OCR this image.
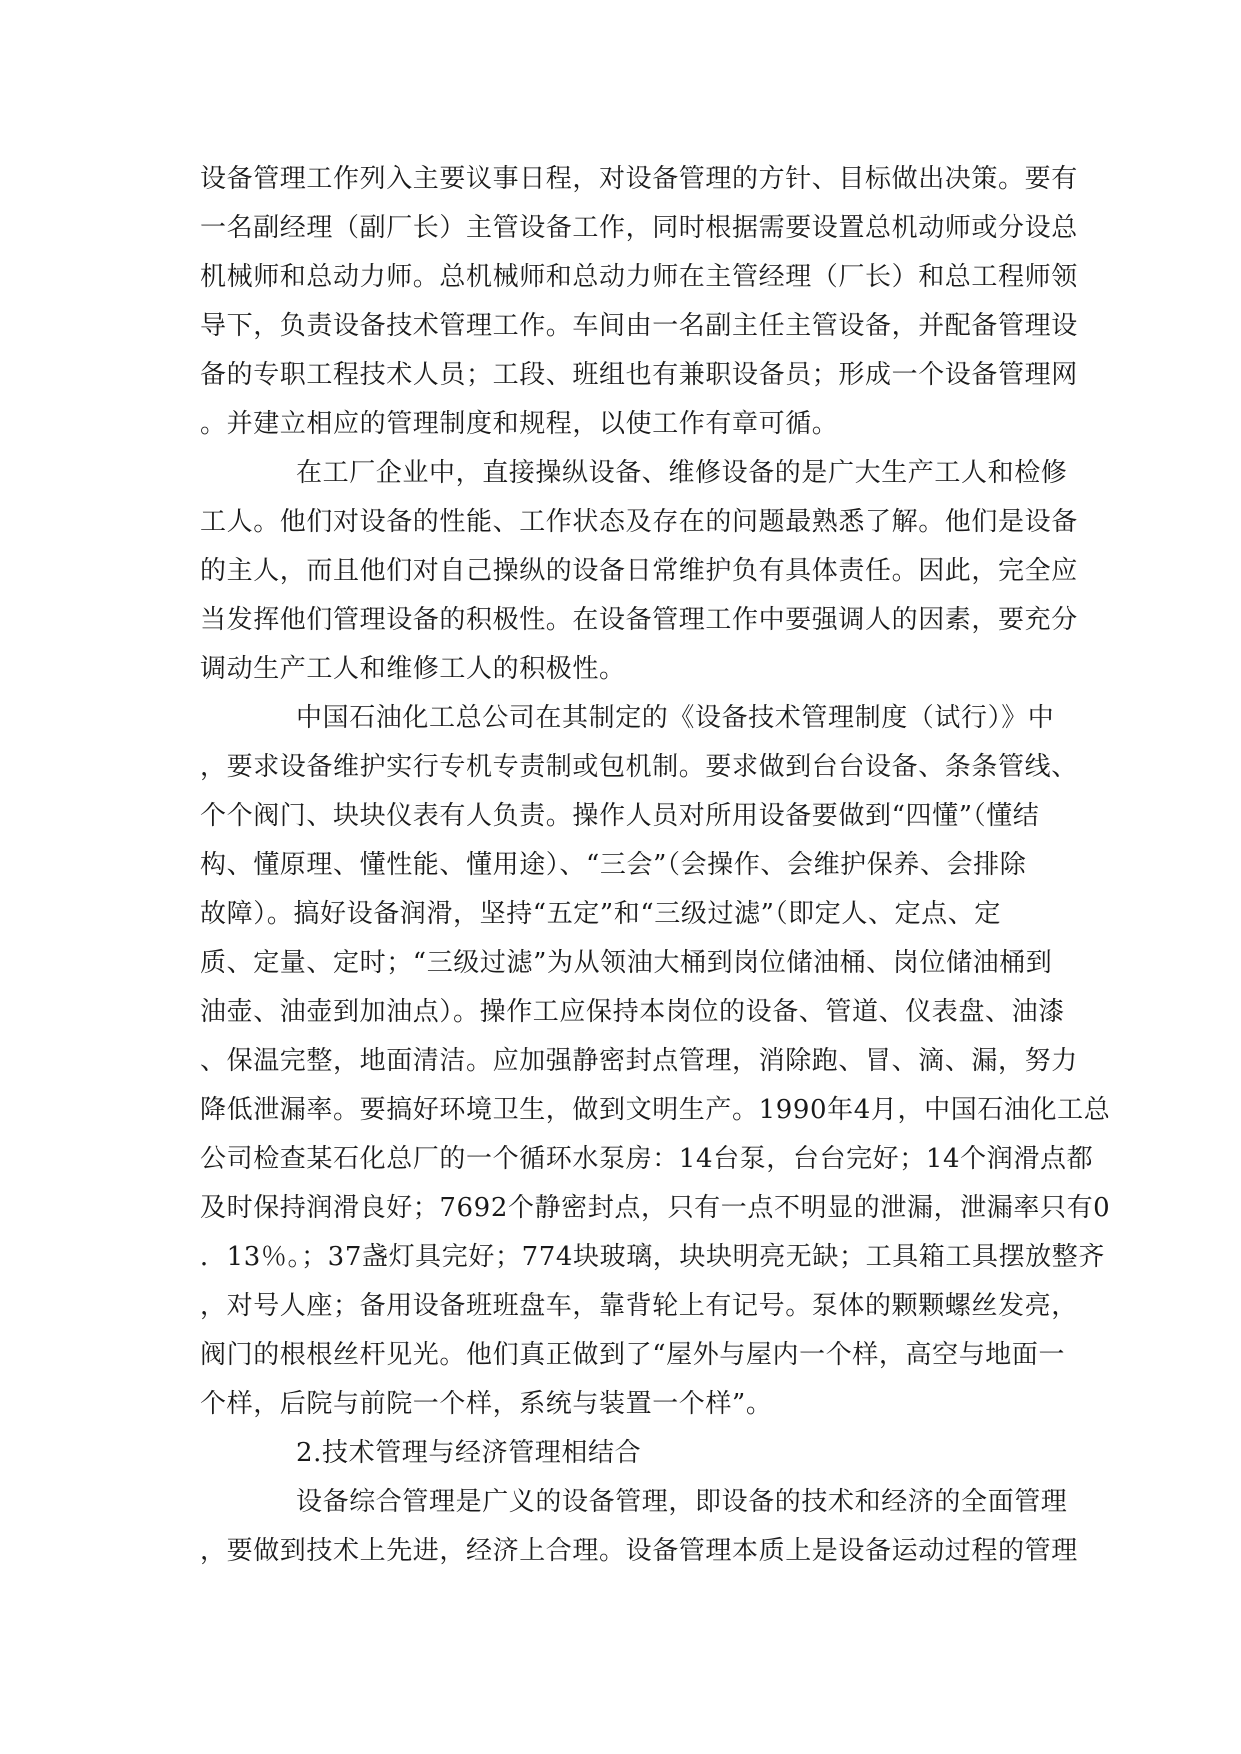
设备管理工作列入主要议事日程，对设备管理的方针、目标做出决策。要有
一名副经理（副厂长）主管设备工作，同时根据需要设置总机动师或分设总
机械师和总动力师。总机械师和总动力师在主管经理（厂长）和总工程师领
导下，负责设备技术管理工作。车间由一名副主任主管设备，并配备管理设
备的专职工程技术人员；工段、班组也有兼职设备员；形成一个设备管理网
。并建立相应的管理制度和规程，以使工作有章可循。
在工厂企业中，直接操纵设备、维修设备的是广大生产工人和检修
工人。他们对设备的性能、工作状态及存在的问题最熟悉了解。他们是设备
的主人，而且他们对自己操纵的设备日常维护负有具体责任。因此，完全应
当发挥他们管理设备的积极性。在设备管理工作中要强调人的因素，要充分
调动生产工人和维修工人的积极性。
中国石油化工总公司在其制定的《设备技术管理制度（试行）》中
，要求设备维护实行专机专责制或包机制。要求做到台台设备、条条管线、
个个阀门、块块仪表有人负责。操作人员对所用设备要做到“四懂”（懂结
构、懂原理、懂性能、懂用途）、“三会”（会操作、会维护保养、会排除
故障）。搞好设备润滑，坚持“五定”和“三级过滤”（即定人、定点、定
质、定量、定时；“三级过滤”为从领油大桶到岗位储油桶、岗位储油桶到
油壶、油壶到加油点）。操作工应保持本岗位的设备、管道、仪表盘、油漆
、保温完整，地面清洁。应加强静密封点管理，消除跑、冒、滴、漏，努力
降低泄漏率。要搞好环境卫生，做到文明生产。1990年4月，中国石油化工总
公司检查某石化总厂的一个循环水泵房：14台泵，台台完好；14个润滑点都
及时保持润滑良好；7692个静密封点，只有一点不明显的泄漏，泄漏率只有0
．13％。；37盏灯具完好；774块玻璃，块块明亮无缺；工具箱工具摆放整齐
，对号人座；备用设备班班盘车，靠背轮上有记号。泵体的颗颗螺丝发亮，
阀门的根根丝杆见光。他们真正做到了“屋外与屋内一个样，高空与地面一
个样，后院与前院一个样，系统与装置一个样”。
2.技术管理与经济管理相结合
设备综合管理是广义的设备管理，即设备的技术和经济的全面管理
，要做到技术上先进，经济上合理。设备管理本质上是设备运动过程的管理
